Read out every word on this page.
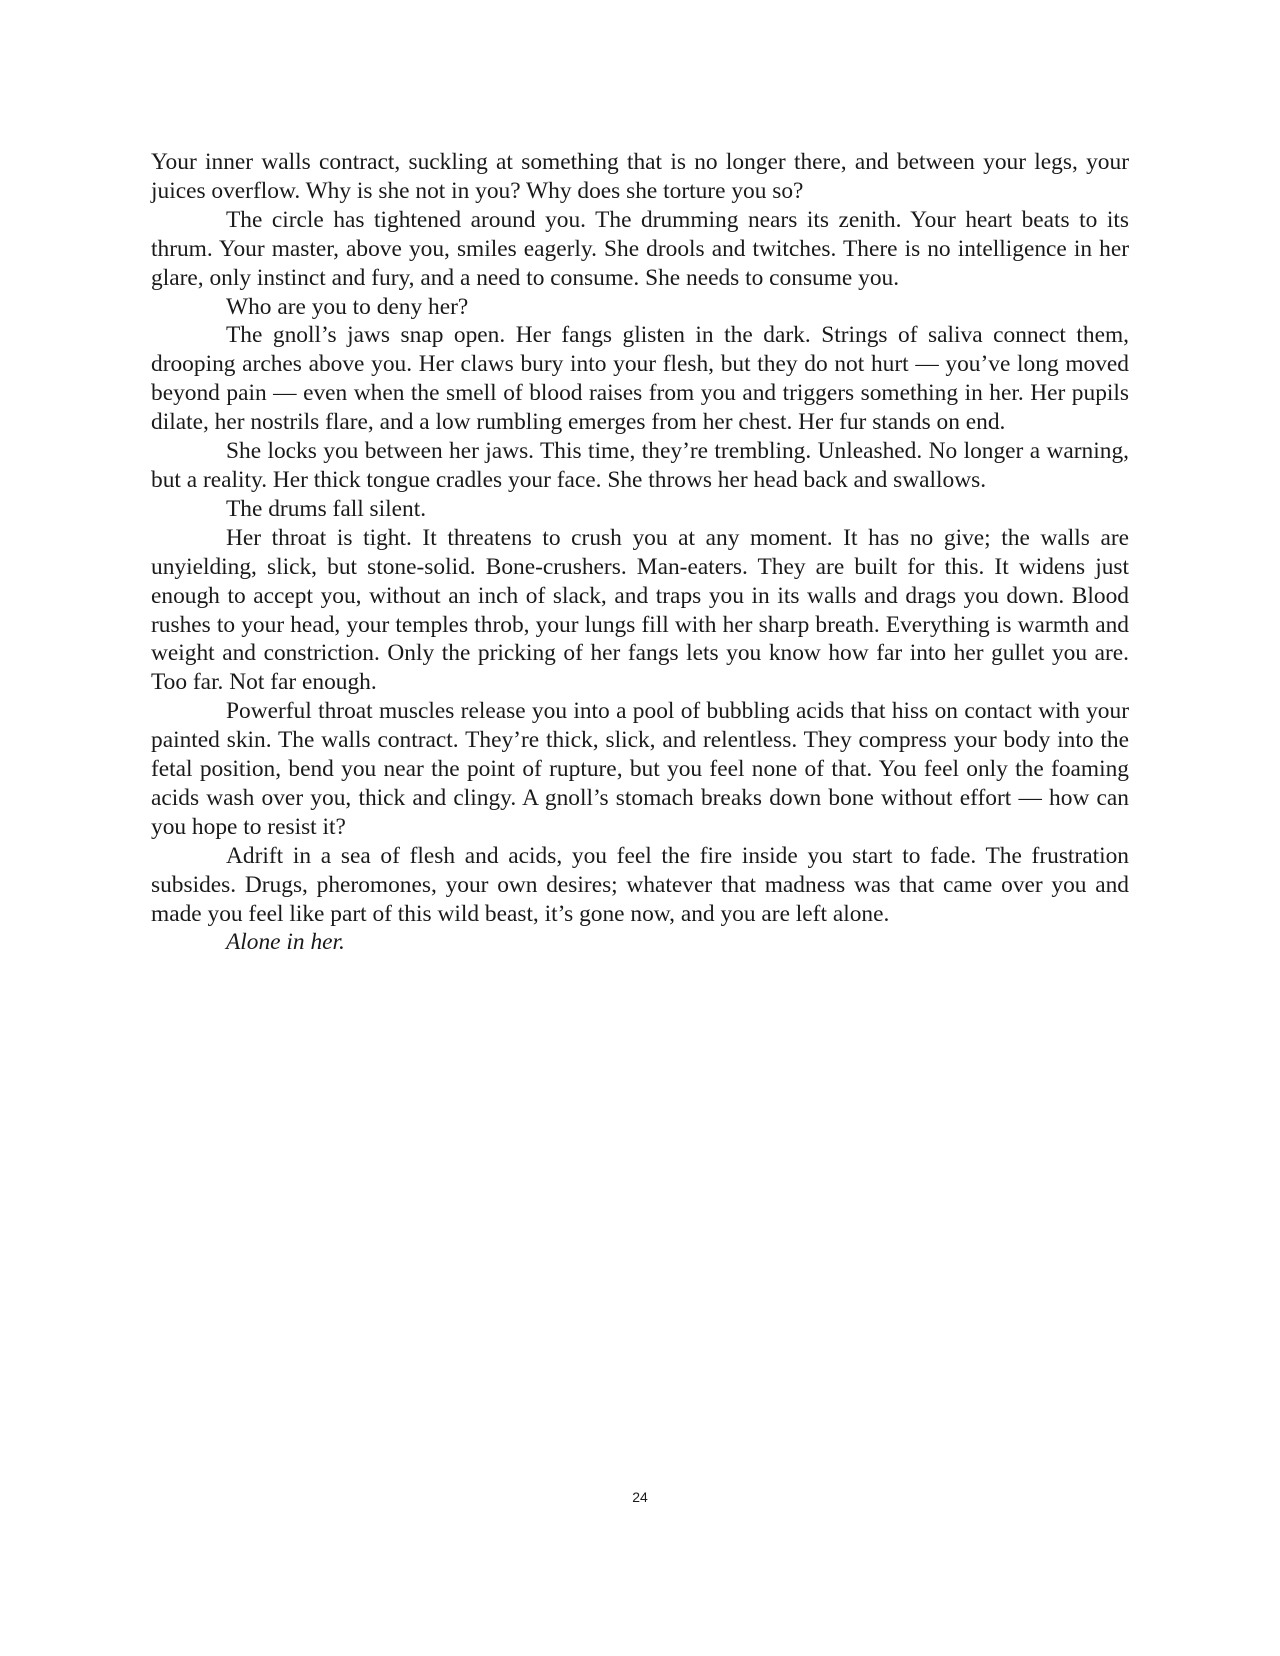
Your inner walls contract, suckling at something that is no longer there, and between your legs, your juices overflow. Why is she not in you? Why does she torture you so?

The circle has tightened around you. The drumming nears its zenith. Your heart beats to its thrum. Your master, above you, smiles eagerly. She drools and twitches. There is no intelligence in her glare, only instinct and fury, and a need to consume. She needs to consume you.

Who are you to deny her?

The gnoll’s jaws snap open. Her fangs glisten in the dark. Strings of saliva connect them, drooping arches above you. Her claws bury into your flesh, but they do not hurt — you’ve long moved beyond pain — even when the smell of blood raises from you and triggers something in her. Her pupils dilate, her nostrils flare, and a low rumbling emerges from her chest. Her fur stands on end.

She locks you between her jaws. This time, they’re trembling. Unleashed. No longer a warning, but a reality. Her thick tongue cradles your face. She throws her head back and swallows.

The drums fall silent.

Her throat is tight. It threatens to crush you at any moment. It has no give; the walls are unyielding, slick, but stone-solid. Bone-crushers. Man-eaters. They are built for this. It widens just enough to accept you, without an inch of slack, and traps you in its walls and drags you down. Blood rushes to your head, your temples throb, your lungs fill with her sharp breath. Everything is warmth and weight and constriction. Only the pricking of her fangs lets you know how far into her gullet you are. Too far. Not far enough.

Powerful throat muscles release you into a pool of bubbling acids that hiss on contact with your painted skin. The walls contract. They’re thick, slick, and relentless. They compress your body into the fetal position, bend you near the point of rupture, but you feel none of that. You feel only the foaming acids wash over you, thick and clingy. A gnoll’s stomach breaks down bone without effort — how can you hope to resist it?

Adrift in a sea of flesh and acids, you feel the fire inside you start to fade. The frustration subsides. Drugs, pheromones, your own desires; whatever that madness was that came over you and made you feel like part of this wild beast, it’s gone now, and you are left alone.

Alone in her.

24
